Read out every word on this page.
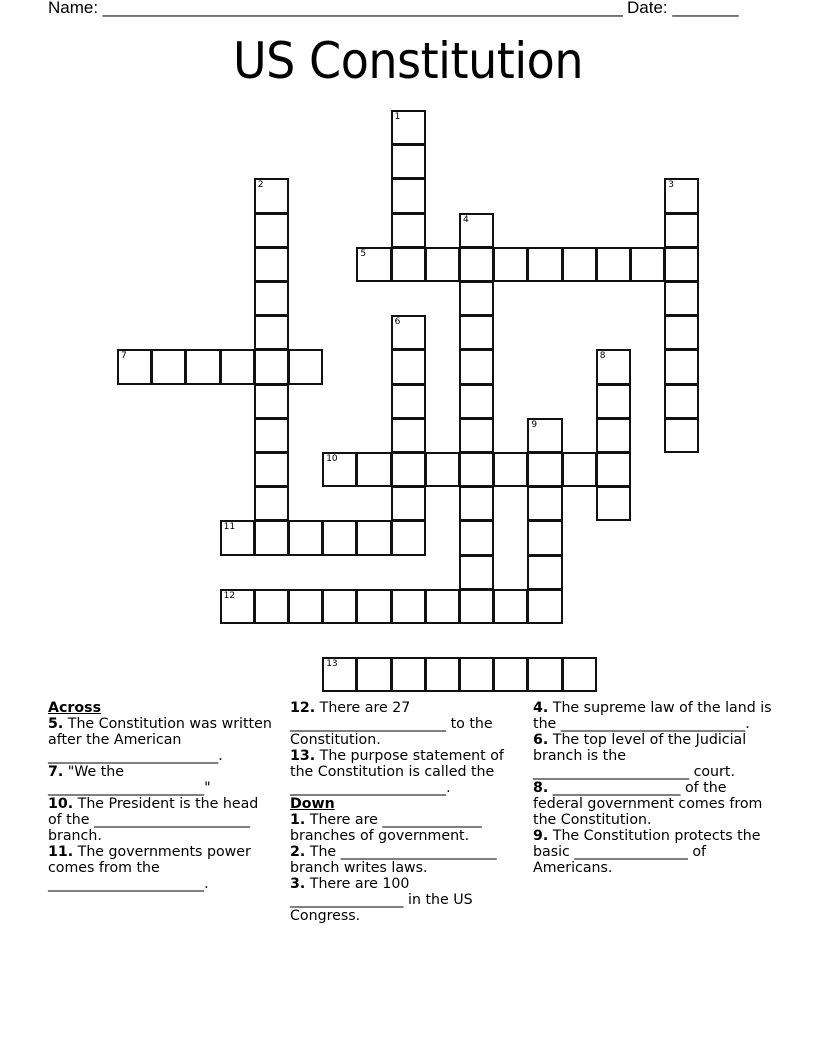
Name: _______________________________________________________ Date: _______
US Constitution
1
2	3
4
5
6
7	8
9
10
11
12
13
Across
5. The Constitution was written after the American ________________________.
7. "We the ______________________"
10. The President is the head of the ______________________ branch.
11. The governments power comes from the ______________________.
12. There are 27 ______________________ to the Constitution.
13. The purpose statement of the Constitution is called the ______________________.
Down
1. There are ______________ branches of government.
2. The ______________________ branch writes laws.
3. There are 100 ________________ in the US Congress.
4. The supreme law of the land is the __________________________.
6. The top level of the Judicial branch is the ______________________ court.
8. __________________ of the federal government comes from the Constitution.
9. The Constitution protects the basic ________________ of Americans.
